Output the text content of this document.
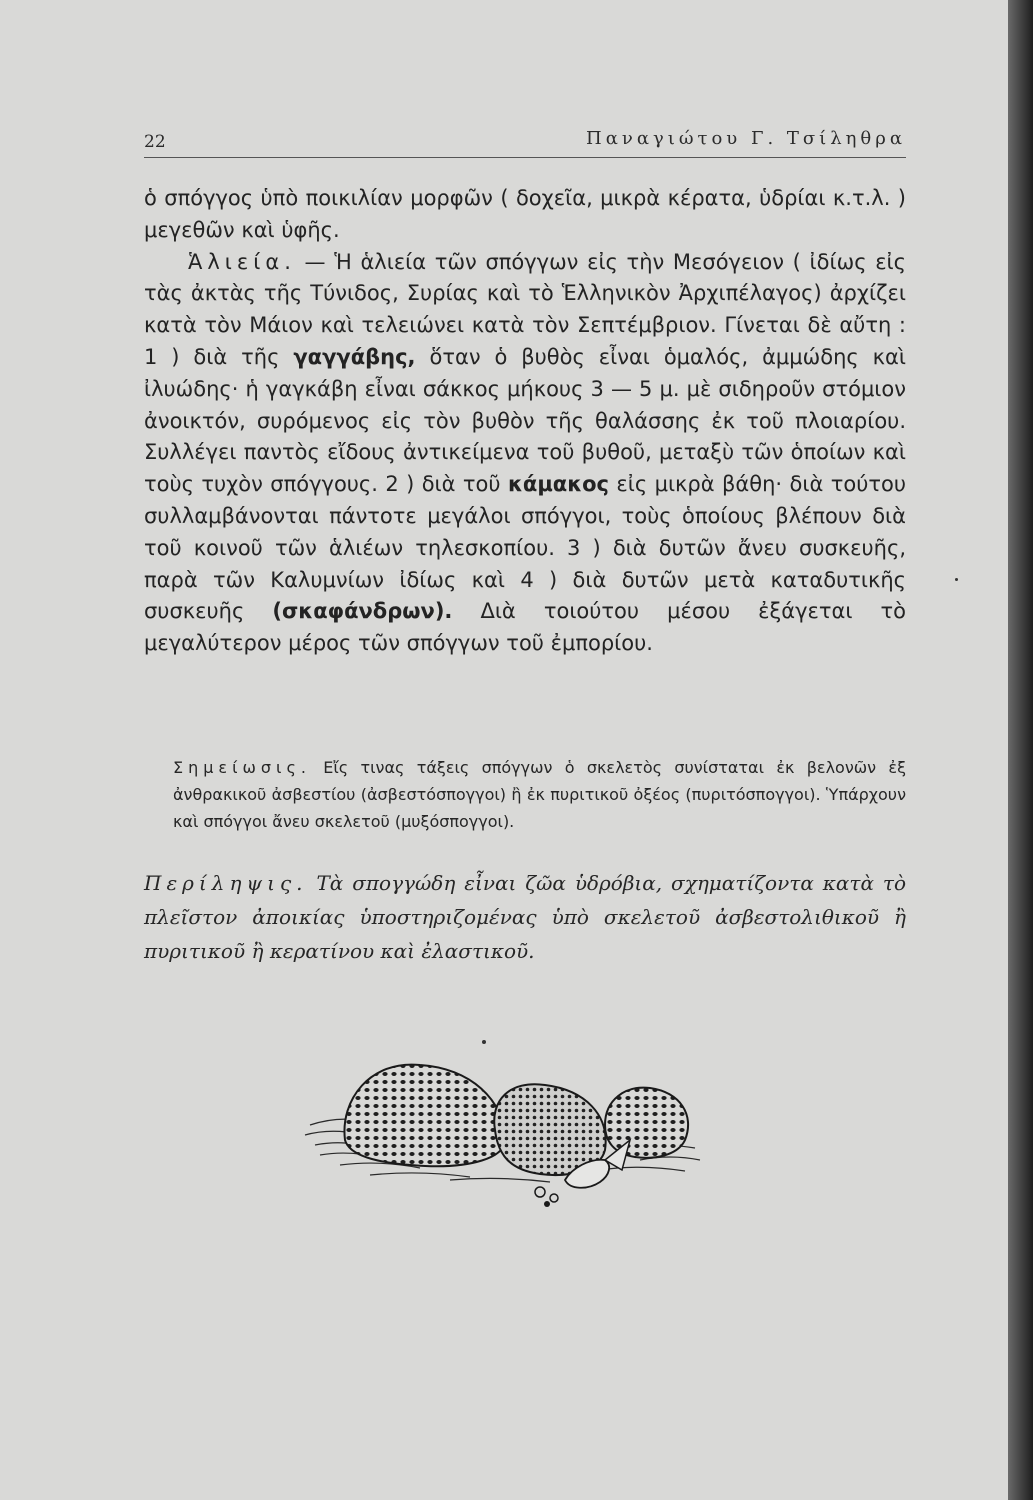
22	Παναγιώτου Γ. Τσίληθρα

ὁ σπόγγος ὑπὸ ποικιλίαν μορφῶν ( δοχεῖα, μικρὰ κέρατα, ὑδρίαι κ.τ.λ. ) μεγεθῶν καὶ ὑφῆς.

Ἁλιεία. — Ἡ ἁλιεία τῶν σπόγγων εἰς τὴν Μεσόγειον ( ἰδίως εἰς τὰς ἀκτὰς τῆς Τύνιδος, Συρίας καὶ τὸ Ἑλληνικὸν Ἀρχιπέλαγος) ἀρχίζει κατὰ τὸν Μάιον καὶ τελειώνει κατὰ τὸν Σεπτέμβριον. Γίνεται δὲ αὔτη : 1 ) διὰ τῆς γαγγάβης, ὅταν ὁ βυθὸς εἶναι ὁμαλός, ἀμμώδης καὶ ἰλυώδης· ἡ γαγκάβη εἶναι σάκκος μήκους 3 — 5 μ. μὲ σιδηροῦν στόμιον ἀνοικτόν, συρόμενος εἰς τὸν βυθὸν τῆς θαλάσσης ἐκ τοῦ πλοιαρίου. Συλλέγει παντὸς εἴδους ἀντικείμενα τοῦ βυθοῦ, μεταξὺ τῶν ὁποίων καὶ τοὺς τυχὸν σπόγγους. 2 ) διὰ τοῦ κάμακος εἰς μικρὰ βάθη· διὰ τούτου συλλαμβάνονται πάντοτε μεγάλοι σπόγγοι, τοὺς ὁποίους βλέπουν διὰ τοῦ κοινοῦ τῶν ἁλιέων τηλεσκοπίου. 3 ) διὰ δυτῶν ἄνευ συσκευῆς, παρὰ τῶν Καλυμνίων ἰδίως καὶ 4 ) διὰ δυτῶν μετὰ καταδυτικῆς συσκευῆς (σκαφάνδρων). Διὰ τοιούτου μέσου ἐξάγεται τὸ μεγαλύτερον μέρος τῶν σπόγγων τοῦ ἐμπορίου.

Σημείωσις. Εἴς τινας τάξεις σπόγγων ὁ σκελετὸς συνίσταται ἐκ βελονῶν ἐξ ἀνθρακικοῦ ἀσβεστίου (ἀσβεστόσπογγοι) ἢ ἐκ πυριτικοῦ ὀξέος (πυριτόσπογγοι). Ὑπάρχουν καὶ σπόγγοι ἄνευ σκελετοῦ (μυξόσπογγοι).

Περίληψις. Τὰ σπογγώδη εἶναι ζῶα ὑδρόβια, σχηματίζοντα κατὰ τὸ πλεῖστον ἀποικίας ὑποστηριζομένας ὑπὸ σκελετοῦ ἀσβεστολιθικοῦ ἢ πυριτικοῦ ἢ κερατίνου καὶ ἐλαστικοῦ.
